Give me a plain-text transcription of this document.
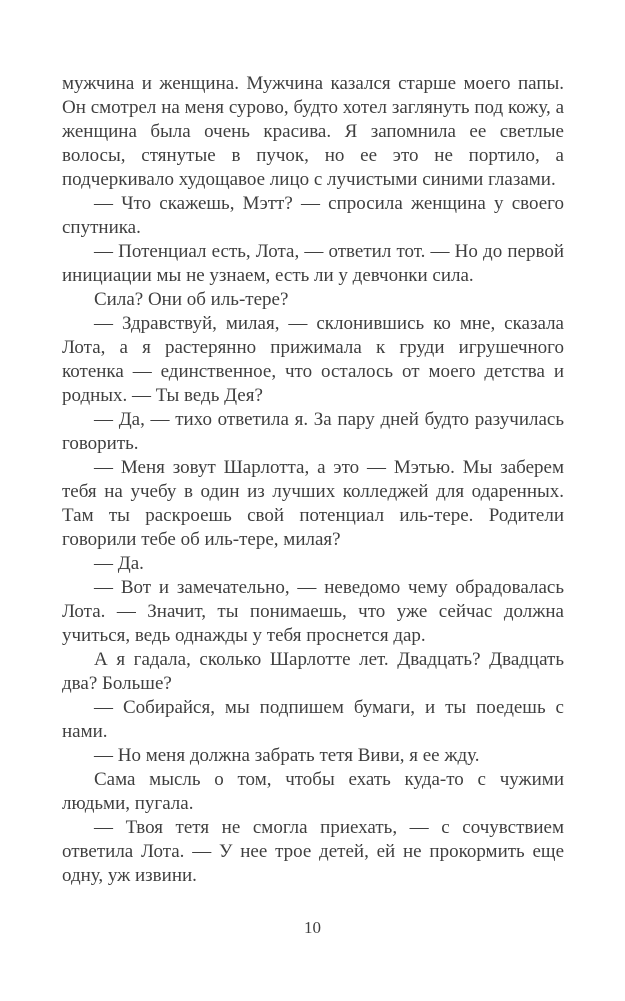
мужчина и женщина. Мужчина казался старше моего папы. Он смотрел на меня сурово, будто хотел заглянуть под кожу, а женщина была очень красива. Я запомнила ее светлые волосы, стянутые в пучок, но ее это не портило, а подчеркивало худощавое лицо с лучистыми синими глазами.

— Что скажешь, Мэтт? — спросила женщина у своего спутника.

— Потенциал есть, Лота, — ответил тот. — Но до первой инициации мы не узнаем, есть ли у девчонки сила.

Сила? Они об иль-тере?

— Здравствуй, милая, — склонившись ко мне, сказала Лота, а я растерянно прижимала к груди игрушечного котенка — единственное, что осталось от моего детства и родных. — Ты ведь Дея?

— Да, — тихо ответила я. За пару дней будто разучилась говорить.

— Меня зовут Шарлотта, а это — Мэтью. Мы заберем тебя на учебу в один из лучших колледжей для одаренных. Там ты раскроешь свой потенциал иль-тере. Родители говорили тебе об иль-тере, милая?

— Да.

— Вот и замечательно, — неведомо чему обрадовалась Лота. — Значит, ты понимаешь, что уже сейчас должна учиться, ведь однажды у тебя проснется дар.

А я гадала, сколько Шарлотте лет. Двадцать? Двадцать два? Больше?

— Собирайся, мы подпишем бумаги, и ты поедешь с нами.

— Но меня должна забрать тетя Виви, я ее жду.

Сама мысль о том, чтобы ехать куда-то с чужими людьми, пугала.

— Твоя тетя не смогла приехать, — с сочувствием ответила Лота. — У нее трое детей, ей не прокормить еще одну, уж извини.

10
